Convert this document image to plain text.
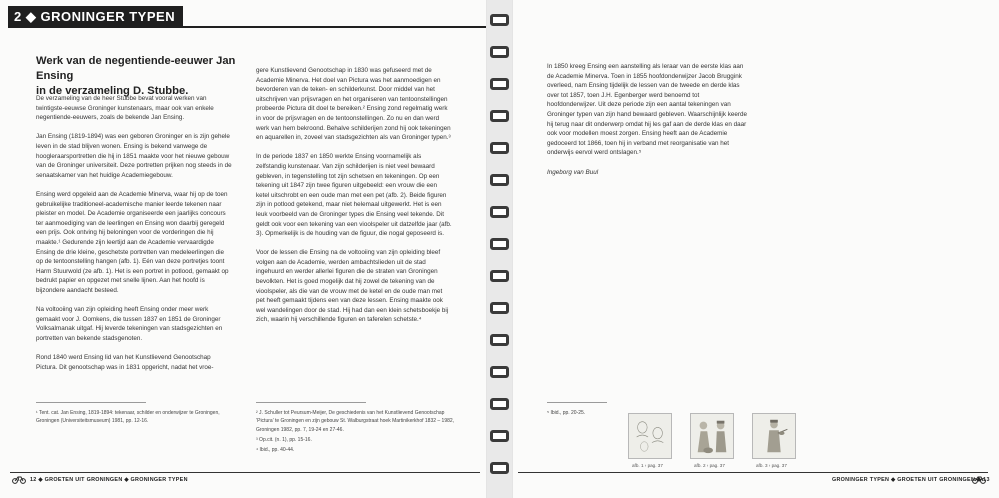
2 ◆ GRONINGER TYPEN
Werk van de negentiende-eeuwer Jan Ensing
in de verzameling D. Stubbe.

De verzameling van de heer Stubbe bevat vooral werken van twintigste-eeuwse Groninger kunstenaars, maar ook van enkele negentiende-eeuwers, zoals de bekende Jan Ensing.

Jan Ensing (1819-1894) was een geboren Groninger en is zijn gehele leven in de stad blijven wonen. Ensing is bekend vanwege de hoogleraarsportretten die hij in 1851 maakte voor het nieuwe gebouw van de Groninger universiteit. Deze portretten prijken nog steeds in de senaatskamer van het huidige Academiegebouw.

Ensing werd opgeleid aan de Academie Minerva, waar hij op de toen gebruikelijke traditioneel-academische manier leerde tekenen naar pleister en model. De Academie organiseerde een jaarlijks concours ter aanmoediging van de leerlingen en Ensing won daarbij geregeld een prijs. Ook ontving hij beloningen voor de vorderingen die hij maakte.¹ Gedurende zijn leertijd aan de Academie vervaardigde Ensing de drie kleine, geschetste portretten van medeleerlingen die op de tentoonstelling hangen (afb. 1). Eén van deze portretjes toont Harm Stuurwold (ze afb. 1). Het is een portret in potlood, gemaakt op bedrukt papier en opgezet met snelle lijnen. Aan het hoofd is bijzondere aandacht besteed.

Na voltooiing van zijn opleiding heeft Ensing onder meer werk gemaakt voor J. Oomkens, die tussen 1837 en 1851 de Groninger Volksalmanak uitgaf. Hij leverde tekeningen van stadsgezichten en portretten van bekende stadsgenoten.

Rond 1840 werd Ensing lid van het Kunstlievend Genootschap Pictura. Dit genootschap was in 1831 opgericht, nadat het vroe-

gere Kunstlievend Genootschap in 1830 was gefuseerd met de Academie Minerva. Het doel van Pictura was het aanmoedigen en bevorderen van de teken- en schilderkunst. Door middel van het uitschrijven van prijsvragen en het organiseren van tentoonstellingen probeerde Pictura dit doel te bereiken.² Ensing zond regelmatig werk in voor de prijsvragen en de tentoonstellingen. Zo nu en dan werd werk van hem bekroond. Behalve schilderijen zond hij ook tekeningen en aquarellen in, zoveel van stadsgezichten als van Groninger typen.³

In de periode 1837 en 1850 werkte Ensing voornamelijk als zelfstandig kunstenaar. Van zijn schilderijen is niet veel bewaard gebleven, in tegenstelling tot zijn schetsen en tekeningen. Op een tekening uit 1847 zijn twee figuren uitgebeeld: een vrouw die een ketel uitschrobt en een oude man met een pet (afb. 2). Beide figuren zijn in potlood getekend, maar niet helemaal uitgewerkt. Het is een leuk voorbeeld van de Groninger types die Ensing veel tekende. Dit geldt ook voor een tekening van een vioolspeler uit datzelfde jaar (afb. 3). Opmerkelijk is de houding van de figuur, die nogal geposeerd is.

Voor de lessen die Ensing na de voltooiing van zijn opleiding bleef volgen aan de Academie, werden ambachtslieden uit de stad ingehuurd en werder allerlei figuren die de straten van Groningen bevolkten. Het is goed mogelijk dat hij zowel de tekening van de vioolspeler, als die van de vrouw met de ketel en de oude man met pet heeft gemaakt tijdens een van deze lessen. Ensing maakte ook wel wandelingen door de stad. Hij had dan een klein schetsboekje bij zich, waarin hij verschillende figuren en taferelen schetste.⁴

¹ Tent. cat. Jan Ensing, 1819-1894: tekenaar, schilder en onderwijzer te Groningen, Groningen (Universiteitsmuseum) 1981, pp. 12-16.

² J. Schuller tot Peursum-Meijer, De geschiedenis van het Kunstlievend Genootschap ‘Pictura’ te Groningen en zijn gebouw St. Walburgstraat hoek Martinikerkhof 1832 – 1982, Groningen 1982, pp. 7, 19-24 en 27-46.

³ Op.cit. (n. 1), pp. 15-16.

⁴ Ibid., pp. 40-44.

12 ◆ GROETEN UIT GRONINGEN ◆ GRONINGER TYPEN

In 1850 kreeg Ensing een aanstelling als leraar van de eerste klas aan de Academie Minerva. Toen in 1855 hoofdonderwijzer Jacob Bruggink overleed, nam Ensing tijdelijk de lessen van de tweede en derde klas over tot 1857, toen J.H. Egenberger werd benoemd tot hoofdonderwijzer. Uit deze periode zijn een aantal tekeningen van Groninger typen van zijn hand bewaard gebleven. Waarschijnlijk keerde hij terug naar dit onderwerp omdat hij les gaf aan de derde klas en daar ook voor modellen moest zorgen. Ensing heeft aan de Academie gedoceerd tot 1866, toen hij in verband met reorganisatie van het onderwijs eervol werd ontslagen.⁵

Ingeborg van Buul

⁵ Ibid., pp. 20-25.

afb. 1 › pag. 37	afb. 2 › pag. 37	afb. 3 › pag. 37
GRONINGER TYPEN ◆ GROETEN UIT GRONINGEN ◆ 13
